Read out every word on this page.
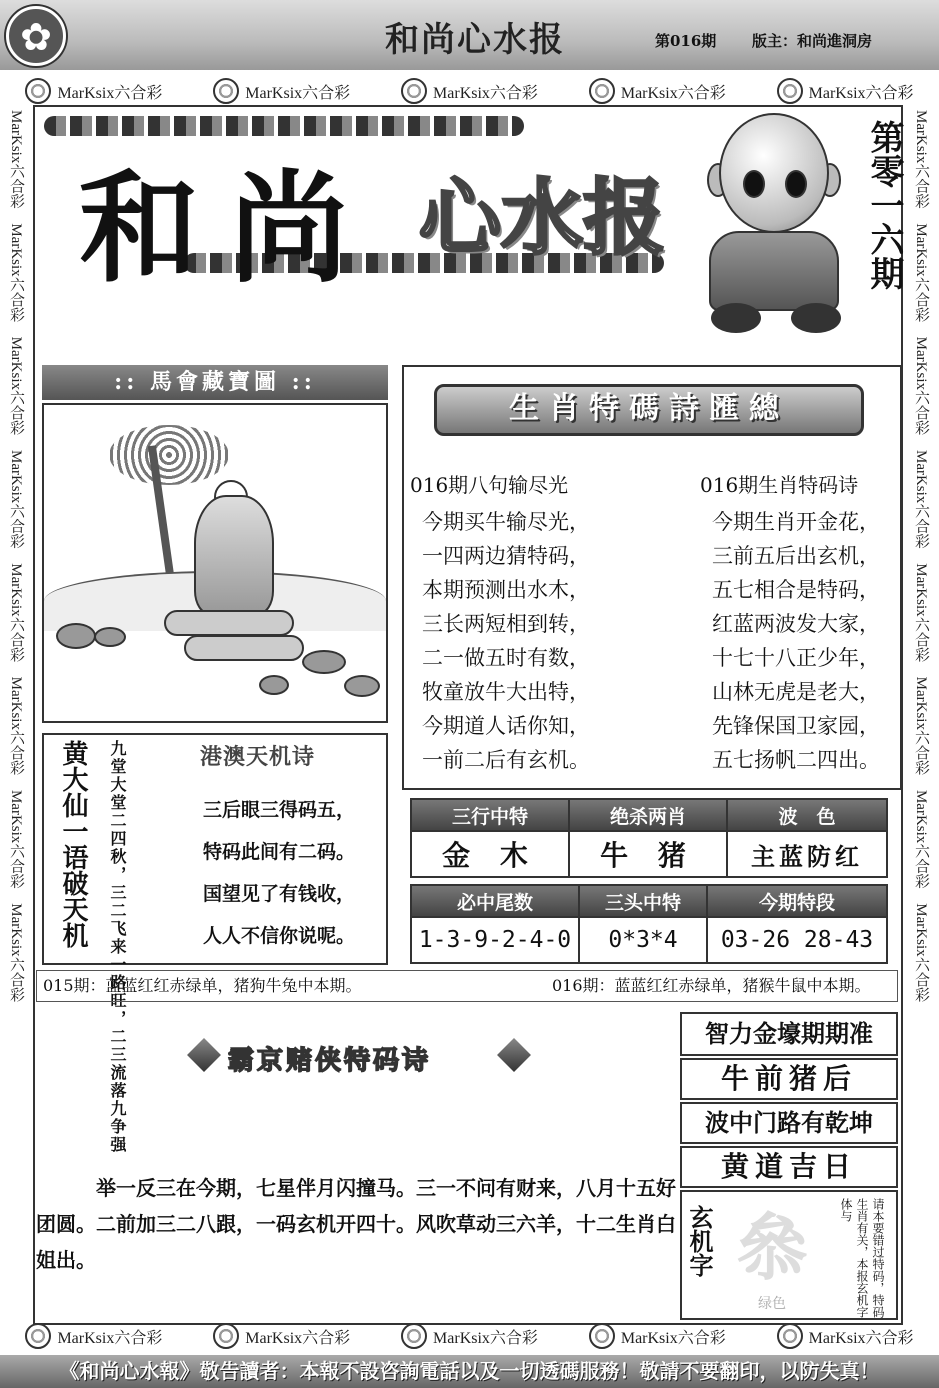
✿
和尚心水报	第016期 版主：和尚進洞房
MarKsix六合彩	MarKsix六合彩	MarKsix六合彩	MarKsix六合彩	MarKsix六合彩
MarKsix六合彩　MarKsix六合彩　MarKsix六合彩　MarKsix六合彩　MarKsix六合彩　MarKsix六合彩　MarKsix六合彩　MarKsix六合彩	MarKsix六合彩　MarKsix六合彩　MarKsix六合彩　MarKsix六合彩　MarKsix六合彩　MarKsix六合彩　MarKsix六合彩　MarKsix六合彩
和尚 心水报	第零一六期
:: 馬會藏寶圖 ::
生肖特碼詩匯總
016期八句输尽光
今期买牛输尽光，
一四两边猜特码，
本期预测出水木，
三长两短相到转，
二一做五时有数，
牧童放牛大出特，
今期道人话你知，
一前二后有玄机。
016期生肖特码诗
今期生肖开金花，
三前五后出玄机，
五七相合是特码，
红蓝两波发大家，
十七十八正少年，
山林无虎是老大，
先锋保国卫家园，
五七扬帆二四出。
黄大仙一语破天机 九堂大堂二四秋，三二飞来一路旺，二三流落九争强	港澳天机诗
三后眼三得码五，
特码此间有二码。
国望见了有钱收，
人人不信你说呢。
三行中特	绝杀两肖	波　色
金 木	牛 猪	主蓝防红
必中尾数	三头中特	今期特段
1-3-9-2-4-0	0*3*4	03-26 28-43
015期：蓝蓝红红赤绿单，猪狗牛兔中本期。	016期：蓝蓝红红赤绿单，猪猴牛鼠中本期。
霸京赌侠特码诗
举一反三在今期，七星伴月闪撞马。三一不问有财来，八月十五好团圆。二前加三二八跟，一码玄机开四十。风吹草动三六羊，十二生肖白姐出。
智力金壕期期准
牛前猪后
波中门路有乾坤
黄道吉日
玄机字 叅
绿色	请本要错过特码，特码生肖有关，本报玄机字体与
MarKsix六合彩	MarKsix六合彩	MarKsix六合彩	MarKsix六合彩	MarKsix六合彩
《和尚心水報》敬告讀者：本報不設咨詢電話以及一切透碼服務！敬請不要翻印，以防失真！
